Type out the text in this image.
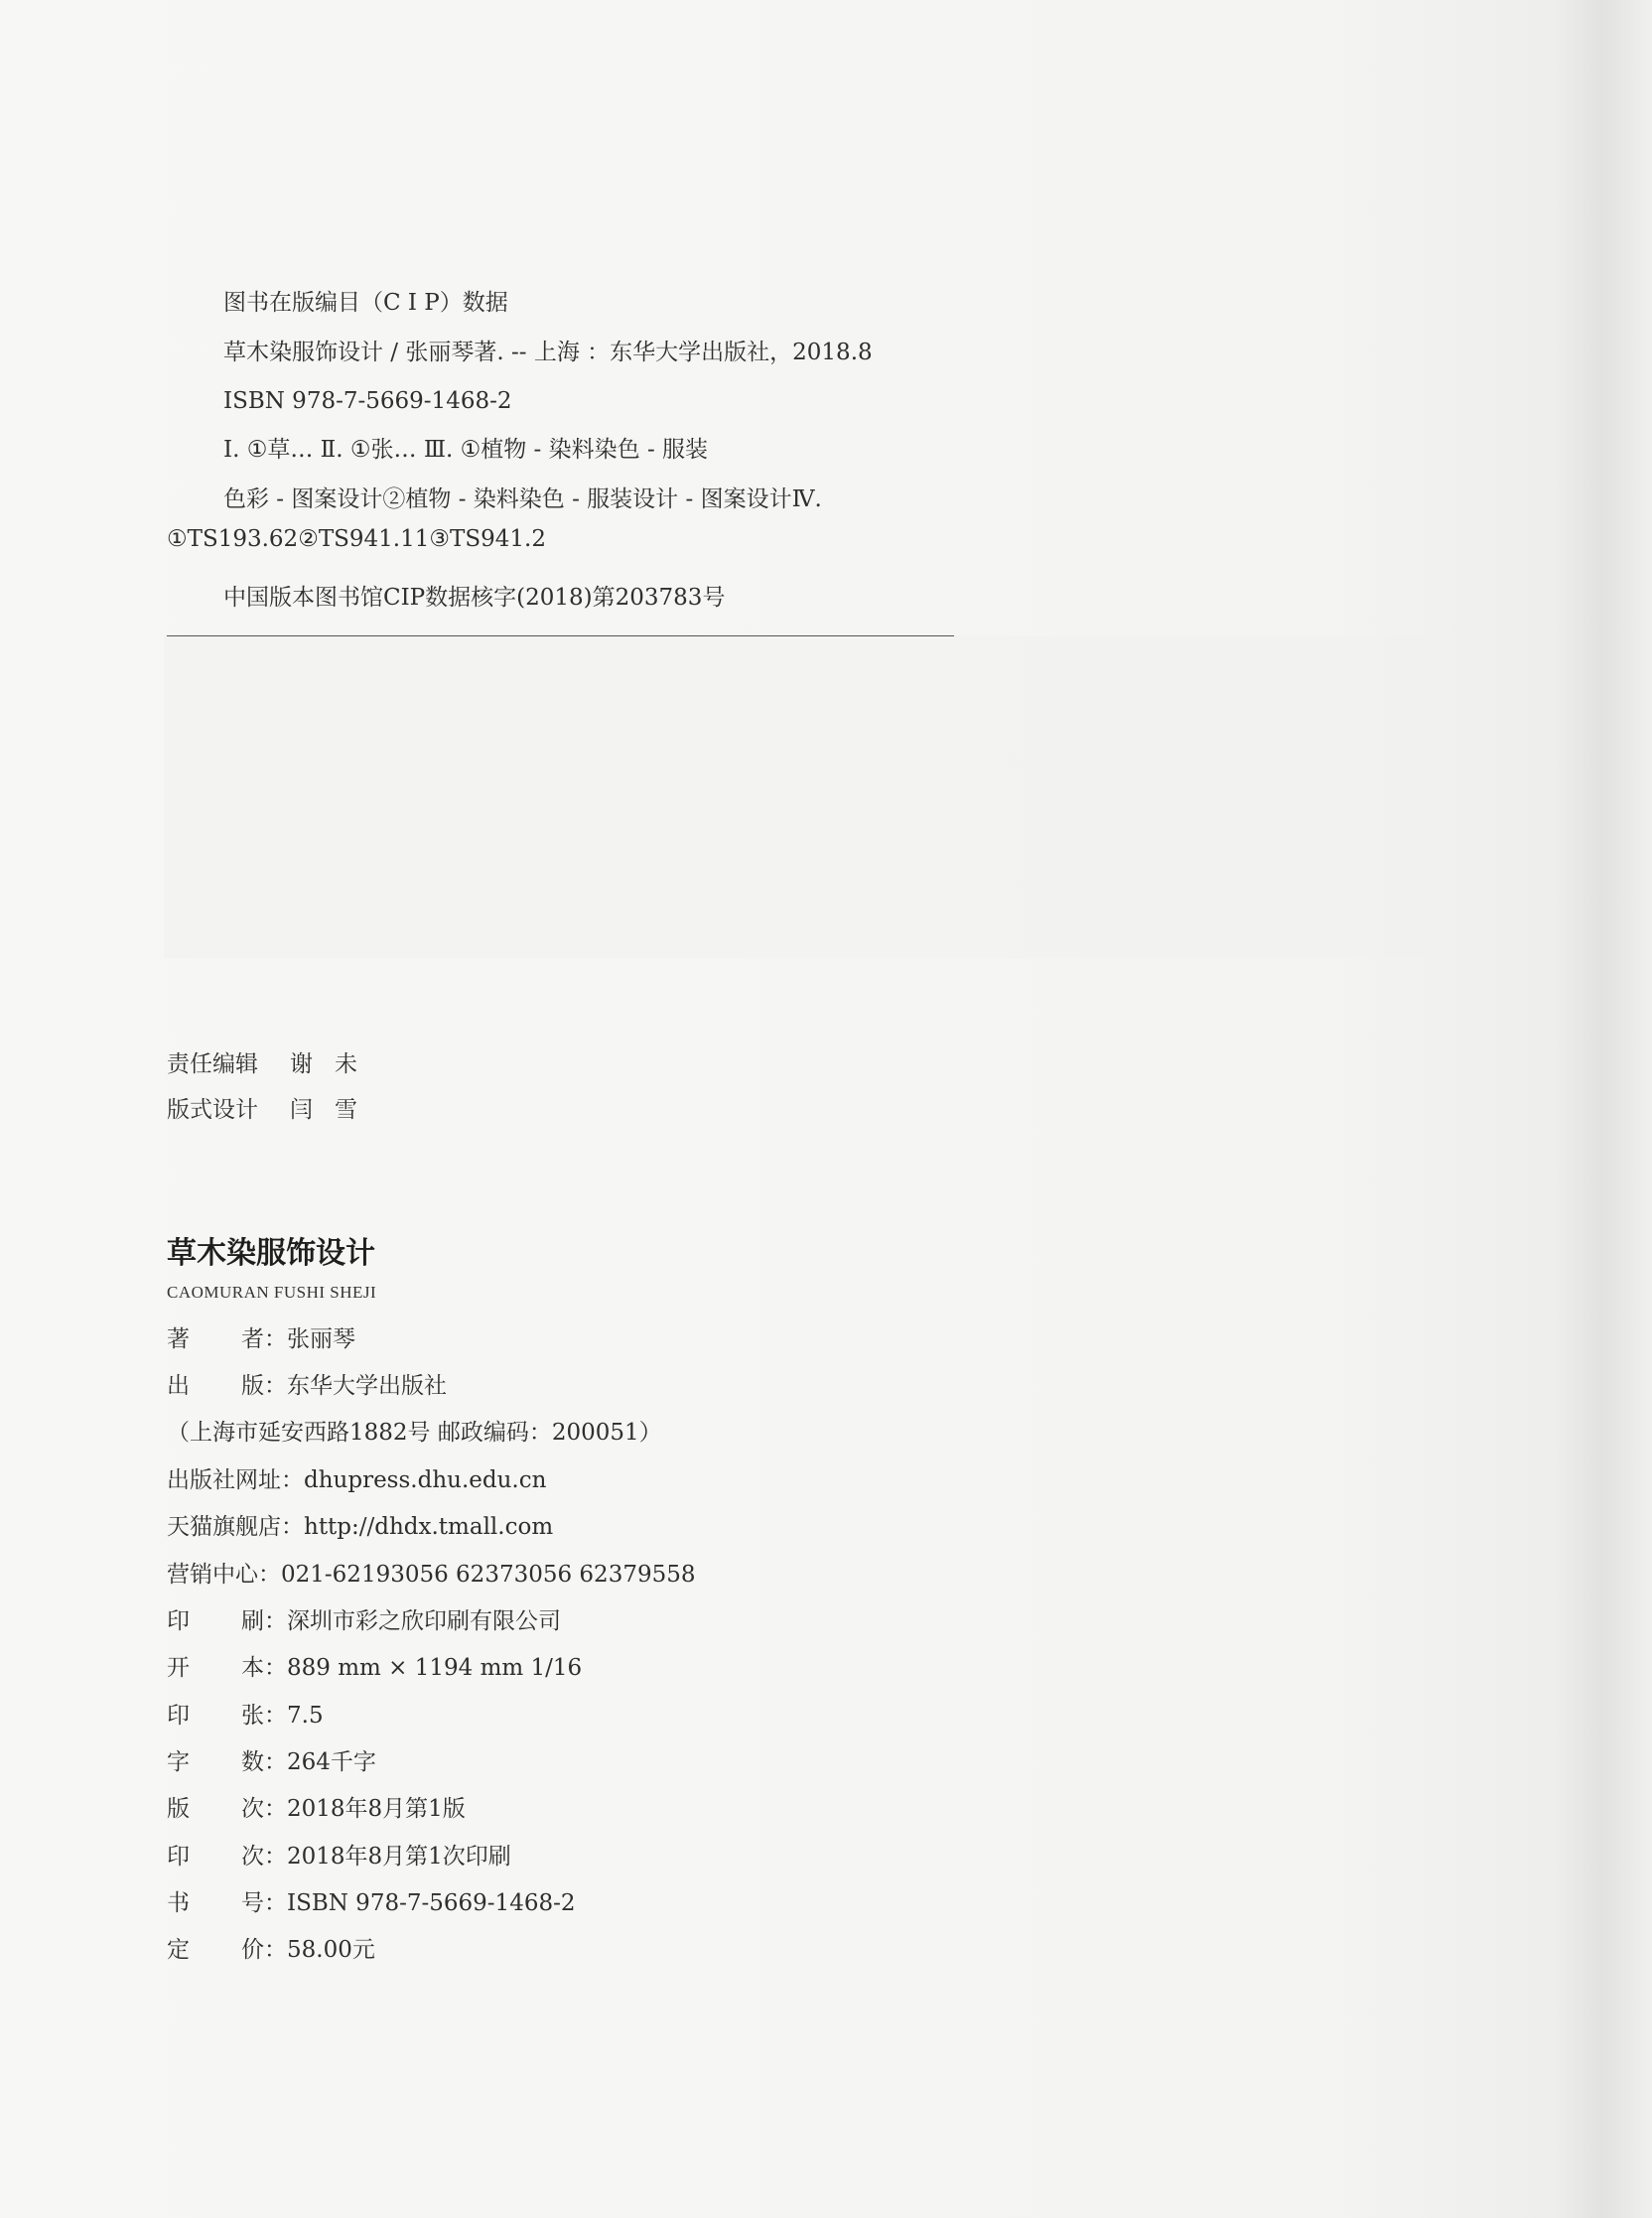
图书在版编目（C I P）数据
草木染服饰设计 / 张丽琴著. -- 上海 ：东华大学出版社，2018.8
ISBN 978-7-5669-1468-2
Ⅰ. ①草… Ⅱ. ①张… Ⅲ. ①植物 - 染料染色 - 服装
色彩 - 图案设计②植物 - 染料染色 - 服装设计 - 图案设计Ⅳ.
①TS193.62②TS941.11③TS941.2
中国版本图书馆CIP数据核字(2018)第203783号
责任编辑 谢未
版式设计 闫雪
草木染服饰设计
CAOMURAN FUSHI SHEJI
著者：张丽琴
出版：东华大学出版社
（上海市延安西路1882号 邮政编码：200051）
出版社网址：dhupress.dhu.edu.cn
天猫旗舰店：http://dhdx.tmall.com
营销中心：021-62193056 62373056 62379558
印刷：深圳市彩之欣印刷有限公司
开本：889 mm × 1194 mm 1/16
印张：7.5
字数：264千字
版次：2018年8月第1版
印次：2018年8月第1次印刷
书号：ISBN 978-7-5669-1468-2
定价：58.00元
